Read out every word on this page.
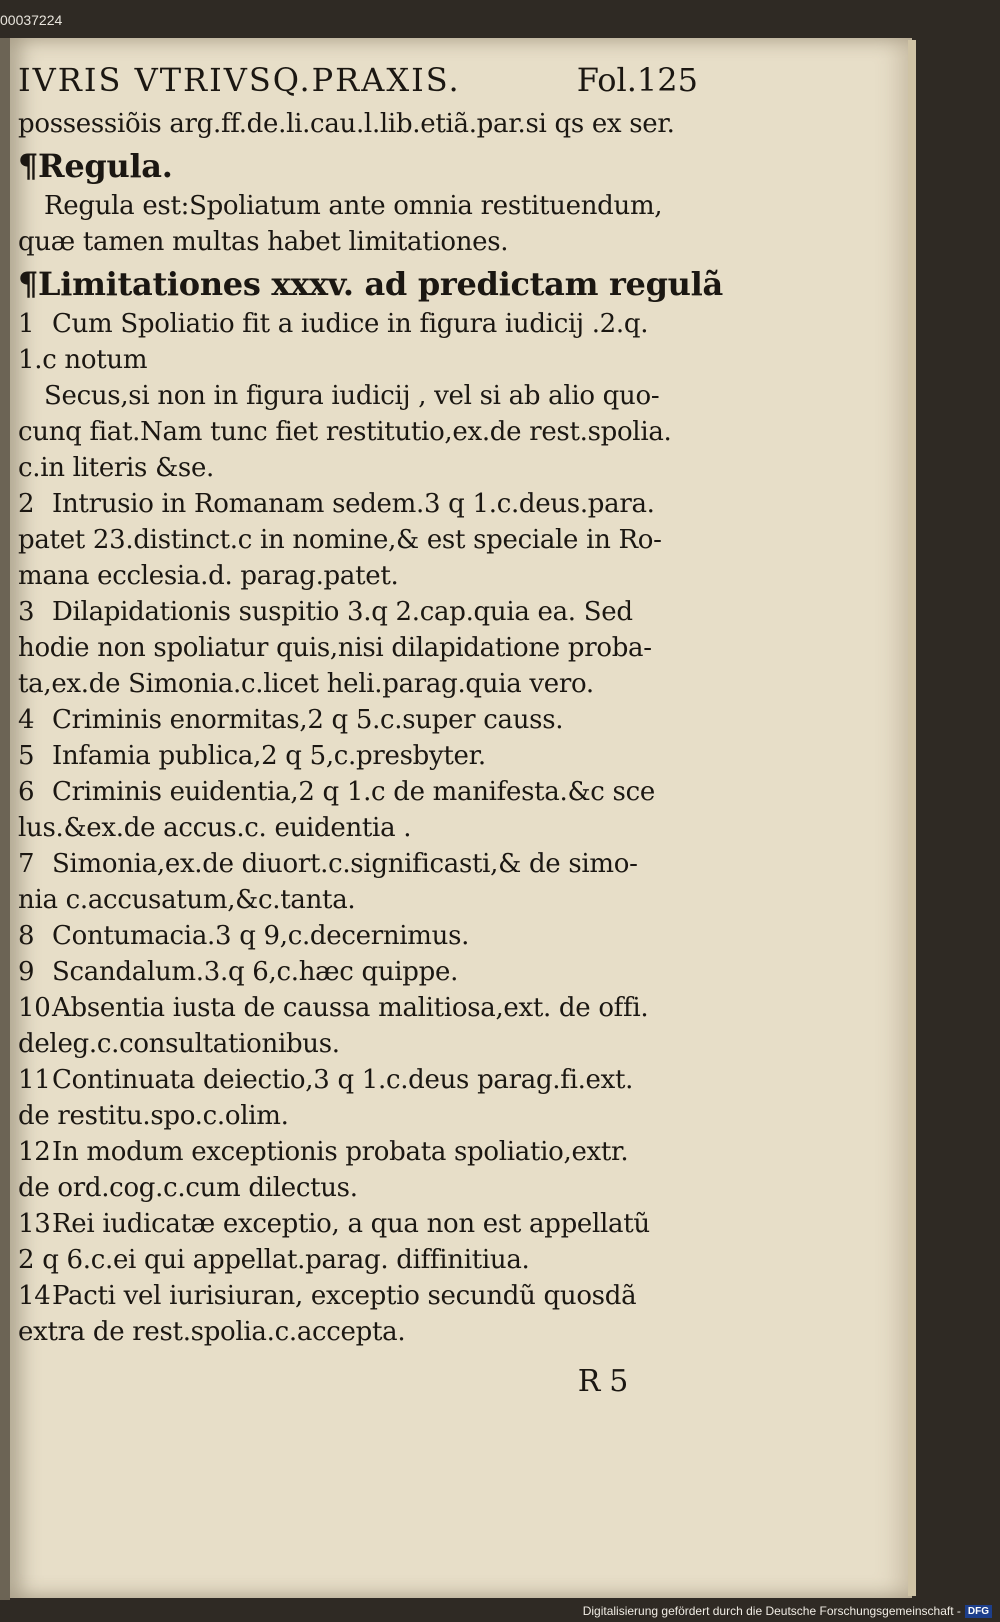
00037224
IVRIS VTRIVSQ.PRAXIS.	Fol.125
possessiõis arg.ff.de.li.cau.l.lib.etiã.par.si qs ex ser.
¶Regula.
Regula est:Spoliatum ante omnia restituendum,
quæ tamen multas habet limitationes.
¶Limitationes xxxv. ad predictam regulã
1 Cum Spoliatio fit a iudice in figura iudicij .2.q.
1.c notum
Secus,si non in figura iudicij , vel si ab alio quo-
cunq fiat.Nam tunc fiet restitutio,ex.de rest.spolia.
c.in literis &se.
2 Intrusio in Romanam sedem.3 q 1.c.deus.para.
patet 23.distinct.c in nomine,& est speciale in Ro-
mana ecclesia.d. parag.patet.
3 Dilapidationis suspitio 3.q 2.cap.quia ea. Sed
hodie non spoliatur quis,nisi dilapidatione proba-
ta,ex.de Simonia.c.licet heli.parag.quia vero.
4 Criminis enormitas,2 q 5.c.super causs.
5 Infamia publica,2 q 5,c.presbyter.
6 Criminis euidentia,2 q 1.c de manifesta.&c sce
lus.&ex.de accus.c. euidentia .
7 Simonia,ex.de diuort.c.significasti,& de simo-
nia c.accusatum,&c.tanta.
8 Contumacia.3 q 9,c.decernimus.
9 Scandalum.3.q 6,c.hæc quippe.
10Absentia iusta de caussa malitiosa,ext. de offi.
deleg.c.consultationibus.
11Continuata deiectio,3 q 1.c.deus parag.fi.ext.
de restitu.spo.c.olim.
12In modum exceptionis probata spoliatio,extr.
de ord.cog.c.cum dilectus.
13Rei iudicatæ exceptio, a qua non est appellatũ
2 q 6.c.ei qui appellat.parag. diffinitiua.
14Pacti vel iurisiuran, exceptio secundũ quosdã
extra de rest.spolia.c.accepta.
R 5
Digitalisierung gefördert durch die Deutsche Forschungsgemeinschaft - DFG
